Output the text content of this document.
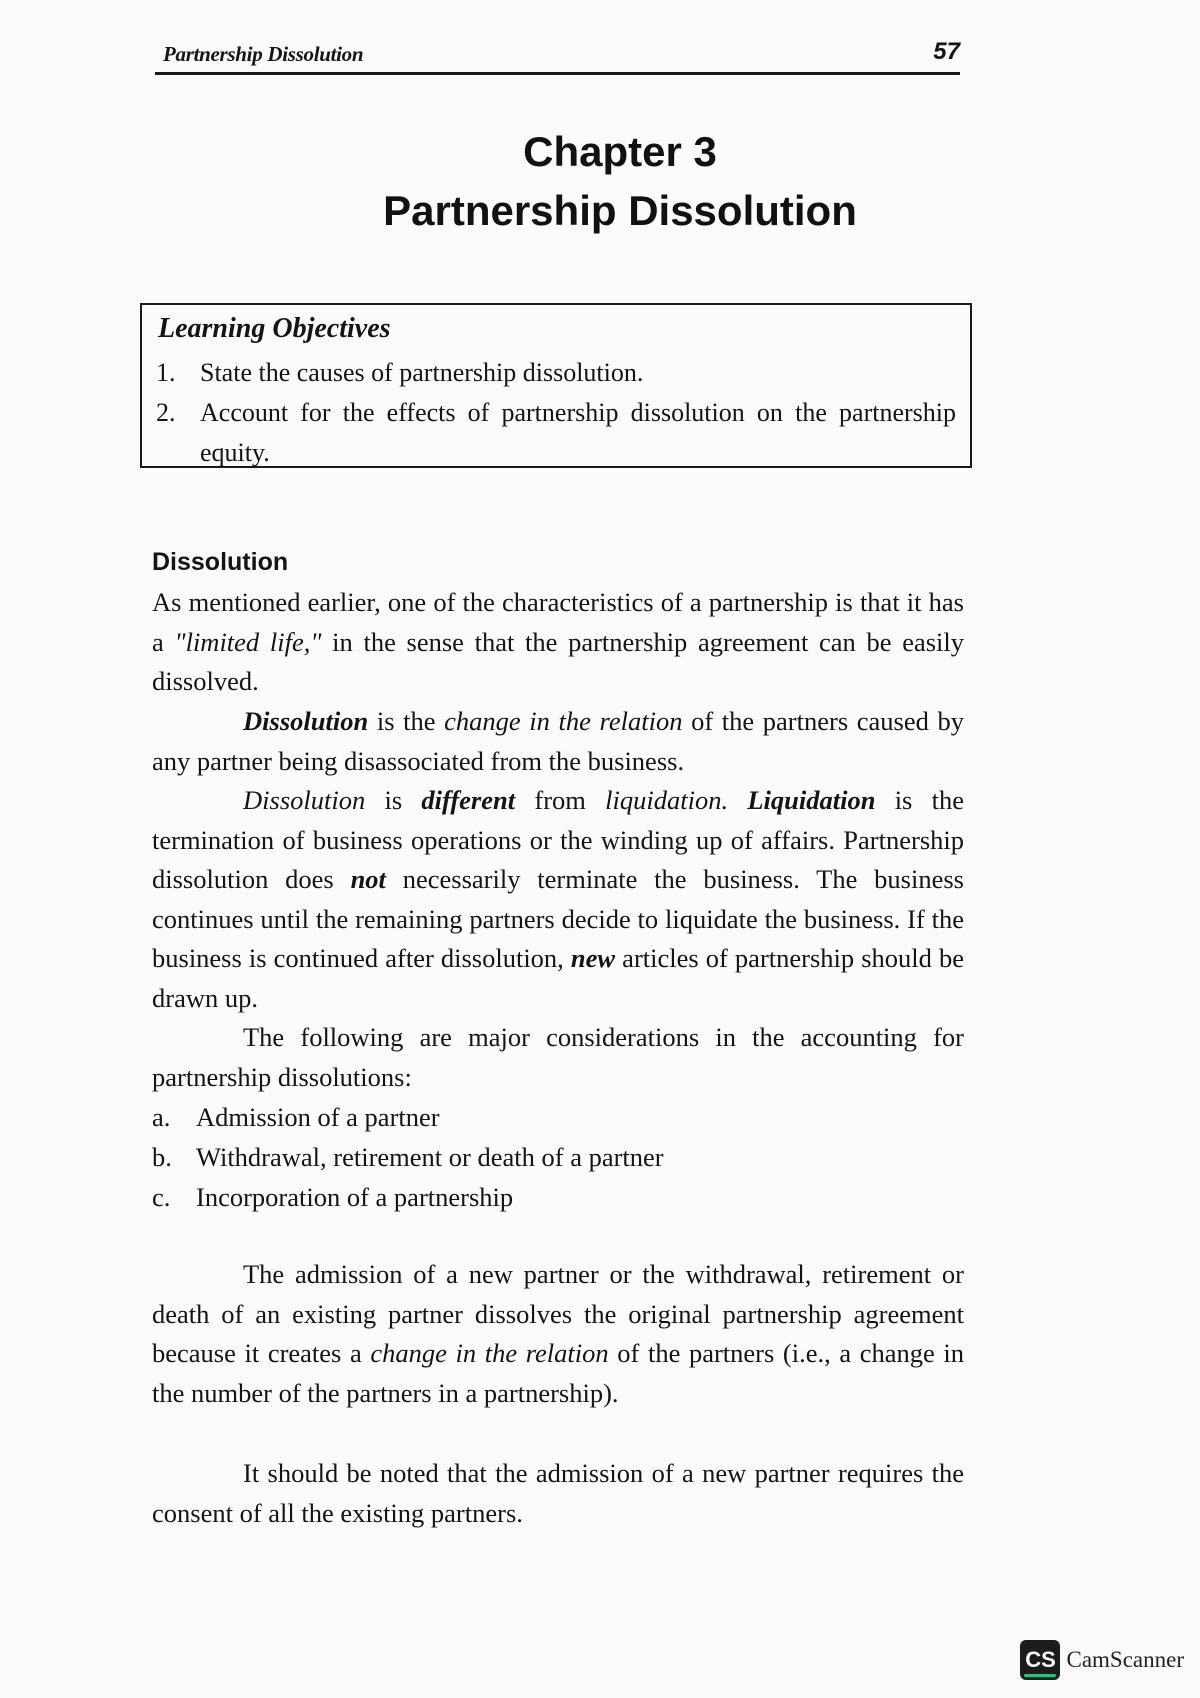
Partnership Dissolution	57
Chapter 3
Partnership Dissolution
Learning Objectives
1. State the causes of partnership dissolution.
2. Account for the effects of partnership dissolution on the partnership equity.
Dissolution

As mentioned earlier, one of the characteristics of a partnership is that it has a "limited life," in the sense that the partnership agreement can be easily dissolved.

Dissolution is the change in the relation of the partners caused by any partner being disassociated from the business.

Dissolution is different from liquidation. Liquidation is the termination of business operations or the winding up of affairs. Partnership dissolution does not necessarily terminate the business. The business continues until the remaining partners decide to liquidate the business. If the business is continued after dissolution, new articles of partnership should be drawn up.

The following are major considerations in the accounting for partnership dissolutions:

a. Admission of a partner
b. Withdrawal, retirement or death of a partner
c. Incorporation of a partnership

The admission of a new partner or the withdrawal, retirement or death of an existing partner dissolves the original partnership agreement because it creates a change in the relation of the partners (i.e., a change in the number of the partners in a partnership).

It should be noted that the admission of a new partner requires the consent of all the existing partners.

CS CamScanner
